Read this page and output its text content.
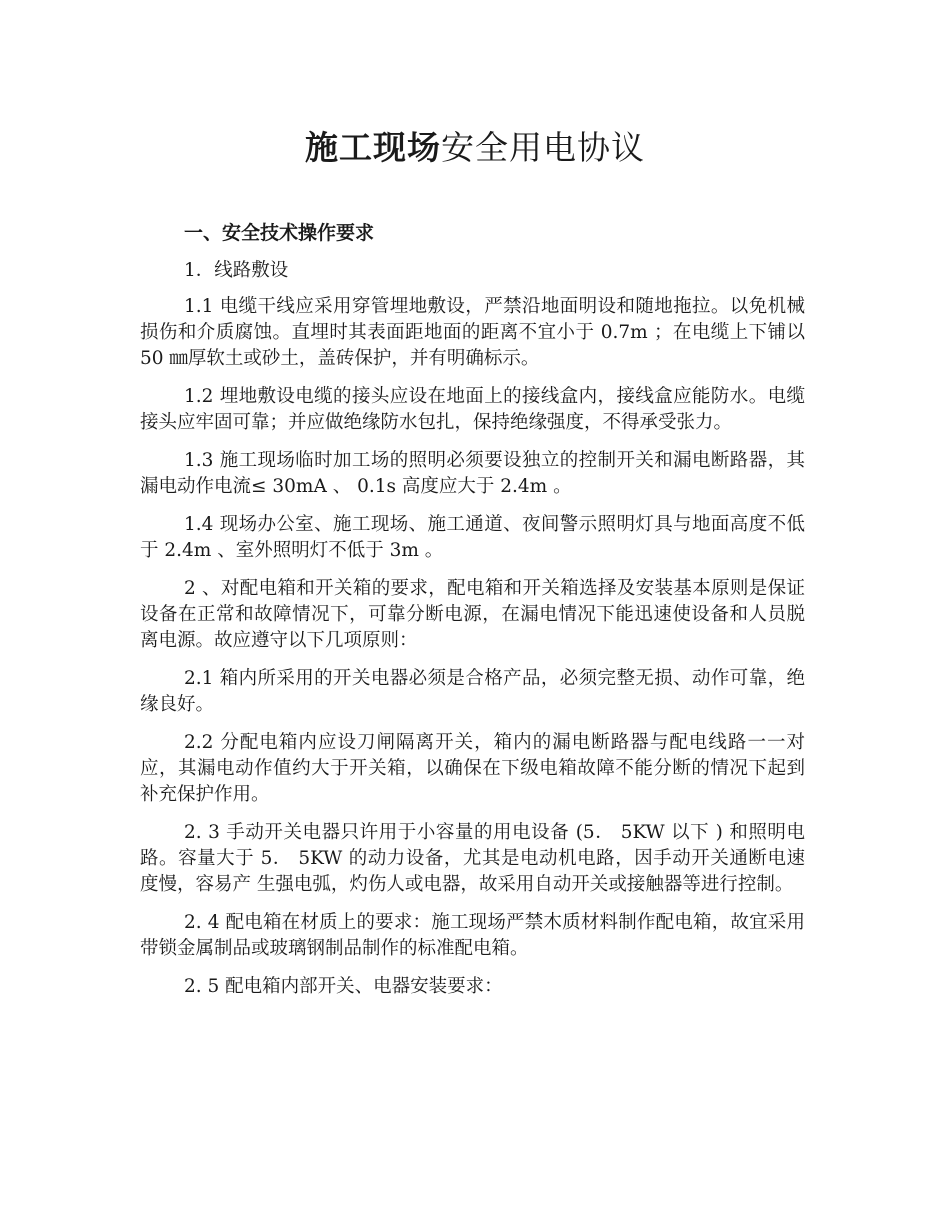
施工现场安全用电协议
一、安全技术操作要求

1．线路敷设

1.1 电缆干线应采用穿管埋地敷设，严禁沿地面明设和随地拖拉。以免机械损伤和介质腐蚀。直埋时其表面距地面的距离不宜小于 0.7m ；在电缆上下铺以 50 ㎜厚软土或砂土，盖砖保护，并有明确标示。

1.2 埋地敷设电缆的接头应设在地面上的接线盒内，接线盒应能防水。电缆接头应牢固可靠；并应做绝缘防水包扎，保持绝缘强度，不得承受张力。

1.3 施工现场临时加工场的照明必须要设独立的控制开关和漏电断路器，其漏电动作电流≤ 30mA 、 0.1s 高度应大于 2.4m 。

1.4 现场办公室、施工现场、施工通道、夜间警示照明灯具与地面高度不低于 2.4m 、室外照明灯不低于 3m 。

2 、对配电箱和开关箱的要求，配电箱和开关箱选择及安装基本原则是保证设备在正常和故障情况下，可靠分断电源，在漏电情况下能迅速使设备和人员脱离电源。故应遵守以下几项原则：

2.1 箱内所采用的开关电器必须是合格产品，必须完整无损、动作可靠，绝缘良好。

2.2 分配电箱内应设刀闸隔离开关，箱内的漏电断路器与配电线路一一对应，其漏电动作值约大于开关箱，以确保在下级电箱故障不能分断的情况下起到补充保护作用。

2. 3 手动开关电器只许用于小容量的用电设备 (5． 5KW 以下 ) 和照明电路。容量大于 5． 5KW 的动力设备，尤其是电动机电路，因手动开关通断电速度慢，容易产 生强电弧，灼伤人或电器，故采用自动开关或接触器等进行控制。

2. 4 配电箱在材质上的要求：施工现场严禁木质材料制作配电箱，故宜采用带锁金属制品或玻璃钢制品制作的标准配电箱。

2. 5 配电箱内部开关、电器安装要求：
